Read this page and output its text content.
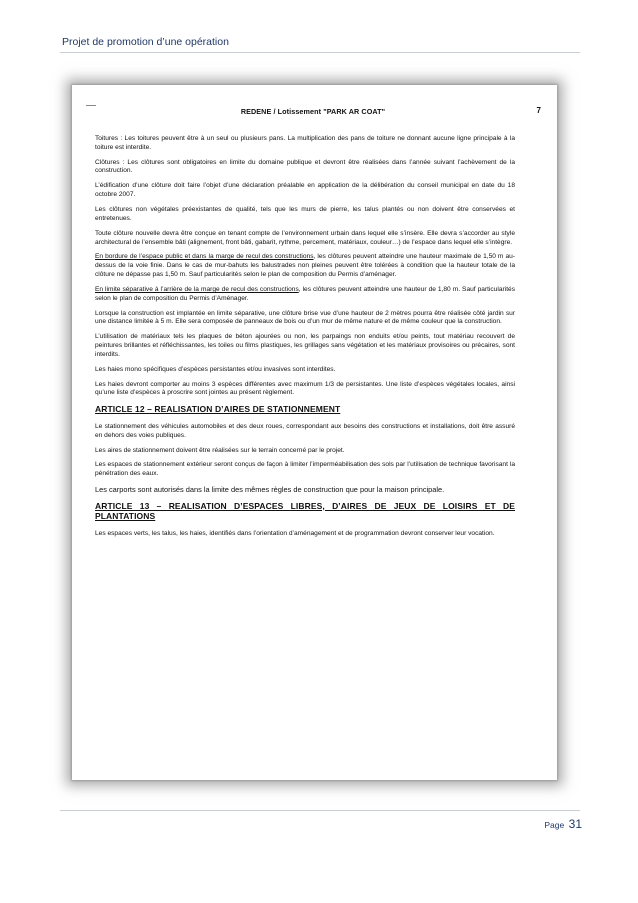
Projet de promotion d’une opération
REDENE / Lotissement "PARK AR COAT"	7

Toitures : Les toitures peuvent être à un seul ou plusieurs pans. La multiplication des pans de toiture ne donnant aucune ligne principale à la toiture est interdite.

Clôtures : Les clôtures sont obligatoires en limite du domaine publique et devront être réalisées dans l’année suivant l’achèvement de la construction.

L’édification d’une clôture doit faire l’objet d’une déclaration préalable en application de la délibération du conseil municipal en date du 18 octobre 2007.

Les clôtures non végétales préexistantes de qualité, tels que les murs de pierre, les talus plantés ou non doivent être conservées et entretenues.

Toute clôture nouvelle devra être conçue en tenant compte de l’environnement urbain dans lequel elle s’insère. Elle devra s’accorder au style architectural de l’ensemble bâti (alignement, front bâti, gabarit, rythme, percement, matériaux, couleur…) de l’espace dans lequel elle s’intègre.

En bordure de l’espace public et dans la marge de recul des constructions, les clôtures peuvent atteindre une hauteur maximale de 1,50 m au-dessus de la voie finie. Dans le cas de mur-bahuts les balustrades non pleines peuvent être tolérées à condition que la hauteur totale de la clôture ne dépasse pas 1,50 m. Sauf particularités selon le plan de composition du Permis d’aménager.

En limite séparative à l’arrière de la marge de recul des constructions, les clôtures peuvent atteindre une hauteur de 1,80 m. Sauf particularités selon le plan de composition du Permis d’Aménager.

Lorsque la construction est implantée en limite séparative, une clôture brise vue d’une hauteur de 2 mètres pourra être réalisée côté jardin sur une distance limitée à 5 m. Elle sera composée de panneaux de bois ou d’un mur de même nature et de même couleur que la construction.

L’utilisation de matériaux tels les plaques de béton ajourées ou non, les parpaings non enduits et/ou peints, tout matériau recouvert de peintures brillantes et réfléchissantes, les toiles ou films plastiques, les grillages sans végétation et les matériaux provisoires ou précaires, sont interdits.

Les haies mono spécifiques d’espèces persistantes et/ou invasives sont interdites.

Les haies devront comporter au moins 3 espèces différentes avec maximum 1/3 de persistantes. Une liste d’espèces végétales locales, ainsi qu’une liste d’espèces à proscrire sont jointes au présent règlement.

ARTICLE 12 – REALISATION D’AIRES DE STATIONNEMENT

Le stationnement des véhicules automobiles et des deux roues, correspondant aux besoins des constructions et installations, doit être assuré en dehors des voies publiques.

Les aires de stationnement doivent être réalisées sur le terrain concerné par le projet.

Les espaces de stationnement extérieur seront conçus de façon à limiter l’imperméabilisation des sols par l’utilisation de technique favorisant la pénétration des eaux.

Les carports sont autorisés dans la limite des mêmes règles de construction que pour la maison principale.

ARTICLE 13 – REALISATION D’ESPACES LIBRES, D’AIRES DE JEUX DE LOISIRS ET DE PLANTATIONS

Les espaces verts, les talus, les haies, identifiés dans l’orientation d’aménagement et de programmation devront conserver leur vocation.

Page 31
